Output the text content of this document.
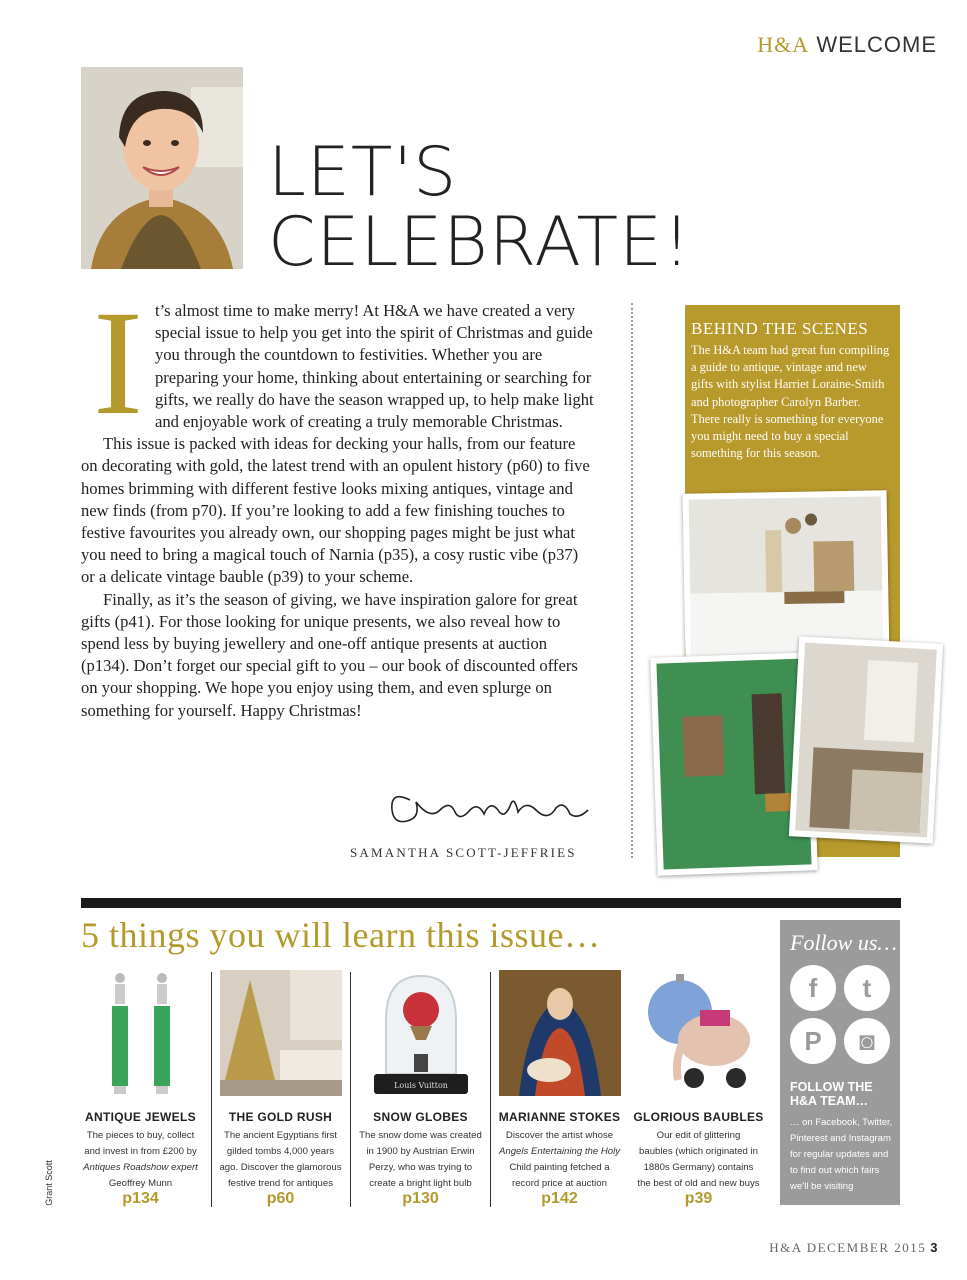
H&A WELCOME
LET'S
CELEBRATE!
I t’s almost time to make merry! At H&A we have created a very special issue to help you get into the spirit of Christmas and guide you through the countdown to festivities. Whether you are preparing your home, thinking about entertaining or searching for gifts, we really do have the season wrapped up, to help make light and enjoyable work of creating a truly memorable Christmas.

This issue is packed with ideas for decking your halls, from our feature on decorating with gold, the latest trend with an opulent history (p60) to five homes brimming with different festive looks mixing antiques, vintage and new finds (from p70). If you’re looking to add a few finishing touches to festive favourites you already own, our shopping pages might be just what you need to bring a magical touch of Narnia (p35), a cosy rustic vibe (p37) or a delicate vintage bauble (p39) to your scheme.

Finally, as it’s the season of giving, we have inspiration galore for great gifts (p41). For those looking for unique presents, we also reveal how to spend less by buying jewellery and one-off antique presents at auction (p134). Don’t forget our special gift to you – our book of discounted offers on your shopping. We hope you enjoy using them, and even splurge on something for yourself. Happy Christmas!

SAMANTHA SCOTT-JEFFRIES
BEHIND THE SCENES
The H&A team had great fun compiling a guide to antique, vintage and new gifts with stylist Harriet Loraine-Smith and photographer Carolyn Barber. There really is something for everyone you might need to buy a special something for this season.
5 things you will learn this issue…
ANTIQUE JEWELS
The pieces to buy, collect
and invest in from £200 by
Antiques Roadshow expert
Geoffrey Munn
p134
THE GOLD RUSH
The ancient Egyptians first
gilded tombs 4,000 years
ago. Discover the glamorous
festive trend for antiques
p60
Louis Vuitton
SNOW GLOBES
The snow dome was created
in 1900 by Austrian Erwin
Perzy, who was trying to
create a bright light bulb
p130
MARIANNE STOKES
Discover the artist whose
Angels Entertaining the Holy
Child painting fetched a
record price at auction
p142
GLORIOUS BAUBLES
Our edit of glittering
baubles (which originated in
1880s Germany) contains
the best of old and new buys
p39
Follow us…
f	t
P	◙
FOLLOW THE H&A TEAM…
… on Facebook, Twitter,
Pinterest and Instagram
for regular updates and
to find out which fairs
we’ll be visiting
Grant Scott
H&A DECEMBER 2015 3
